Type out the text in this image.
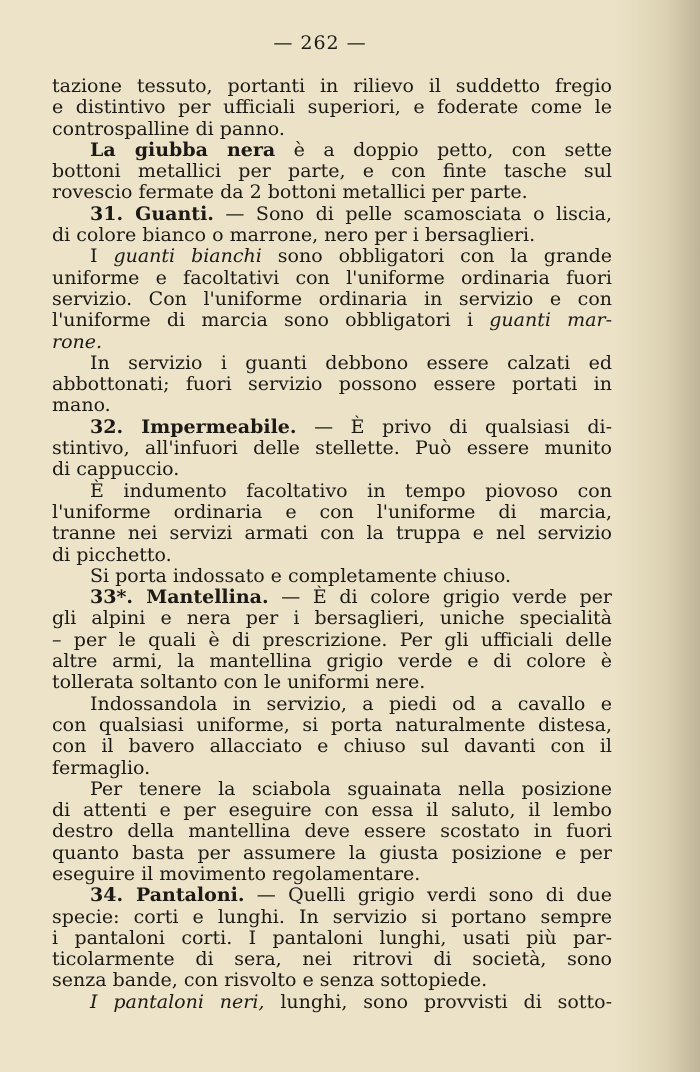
— 262 —
tazione tessuto, portanti in rilievo il suddetto fregio
e distintivo per ufficiali superiori, e foderate come le
controspalline di panno.
La giubba nera è a doppio petto, con sette
bottoni metallici per parte, e con finte tasche sul
rovescio fermate da 2 bottoni metallici per parte.
31. Guanti. — Sono di pelle scamosciata o liscia,
di colore bianco o marrone, nero per i bersaglieri.
I guanti bianchi sono obbligatori con la grande
uniforme e facoltativi con l'uniforme ordinaria fuori
servizio. Con l'uniforme ordinaria in servizio e con
l'uniforme di marcia sono obbligatori i guanti mar-
rone.
In servizio i guanti debbono essere calzati ed
abbottonati; fuori servizio possono essere portati in
mano.
32. Impermeabile. — È privo di qualsiasi di-
stintivo, all'infuori delle stellette. Può essere munito
di cappuccio.
È indumento facoltativo in tempo piovoso con
l'uniforme ordinaria e con l'uniforme di marcia,
tranne nei servizi armati con la truppa e nel servizio
di picchetto.
Si porta indossato e completamente chiuso.
33*. Mantellina. — È di colore grigio verde per
gli alpini e nera per i bersaglieri, uniche specialità
– per le quali è di prescrizione. Per gli ufficiali delle
altre armi, la mantellina grigio verde e di colore è
tollerata soltanto con le uniformi nere.
Indossandola in servizio, a piedi od a cavallo e
con qualsiasi uniforme, si porta naturalmente distesa,
con il bavero allacciato e chiuso sul davanti con il
fermaglio.
Per tenere la sciabola sguainata nella posizione
di attenti e per eseguire con essa il saluto, il lembo
destro della mantellina deve essere scostato in fuori
quanto basta per assumere la giusta posizione e per
eseguire il movimento regolamentare.
34. Pantaloni. — Quelli grigio verdi sono di due
specie: corti e lunghi. In servizio si portano sempre
i pantaloni corti. I pantaloni lunghi, usati più par-
ticolarmente di sera, nei ritrovi di società, sono
senza bande, con risvolto e senza sottopiede.
I pantaloni neri, lunghi, sono provvisti di sotto-
